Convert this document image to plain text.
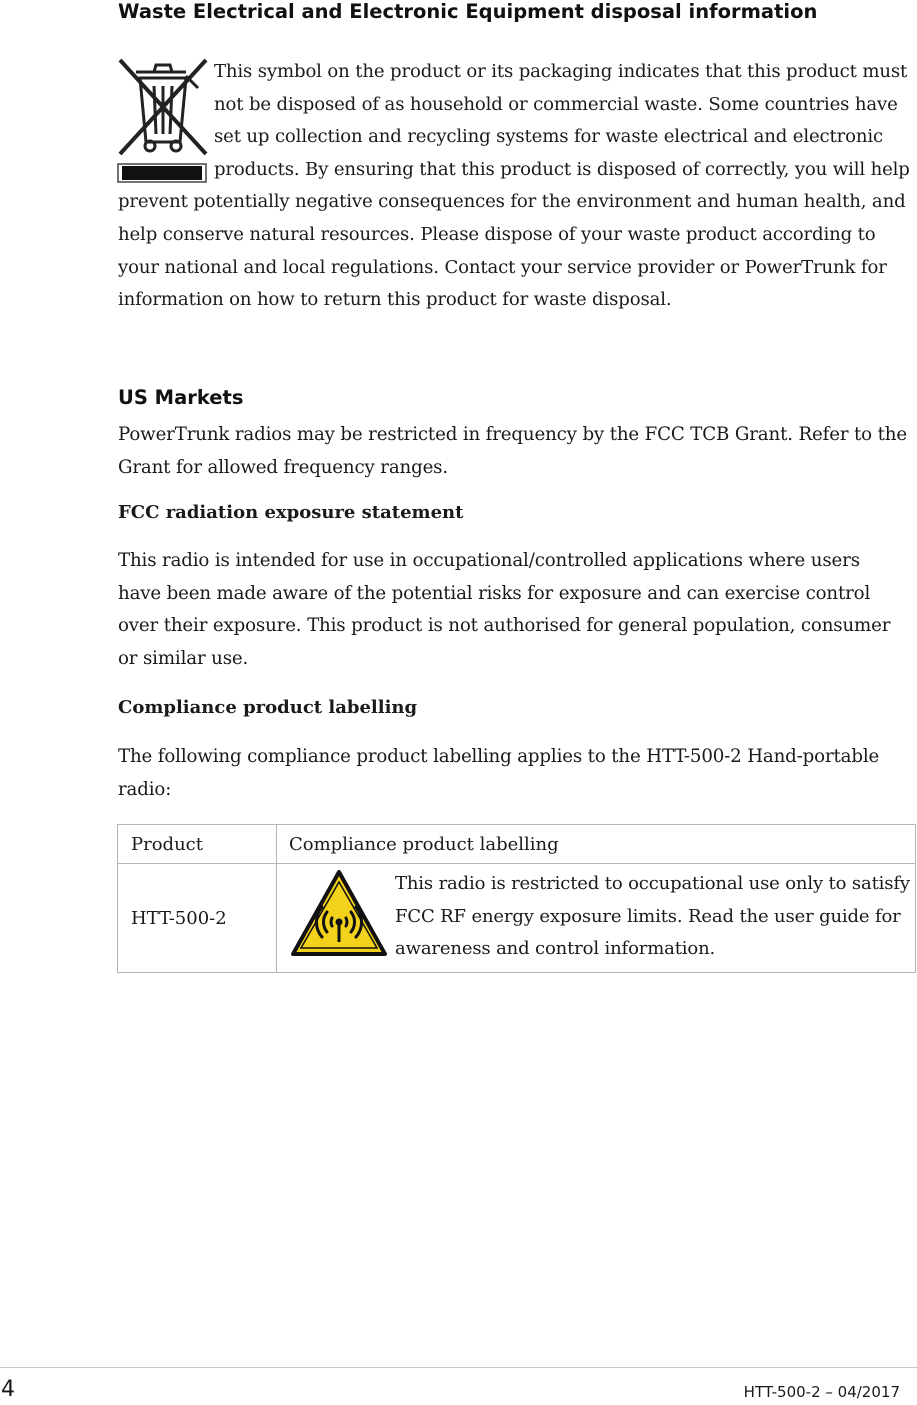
Waste Electrical and Electronic Equipment disposal information

This symbol on the product or its packaging indicates that this product must not be disposed of as household or commercial waste. Some countries have set up collection and recycling systems for waste electrical and electronic products. By ensuring that this product is disposed of correctly, you will help prevent potentially negative consequences for the environment and human health, and help conserve natural resources. Please dispose of your waste product according to your national and local regulations. Contact your service provider or PowerTrunk for information on how to return this product for waste disposal.

US Markets

PowerTrunk radios may be restricted in frequency by the FCC TCB Grant. Refer to the Grant for allowed frequency ranges.

FCC radiation exposure statement

This radio is intended for use in occupational/controlled applications where users have been made aware of the potential risks for exposure and can exercise control over their exposure. This product is not authorised for general population, consumer or similar use.

Compliance product labelling

The following compliance product labelling applies to the HTT-500-2 Hand-portable radio:

Product	Compliance product labelling
HTT-500-2	This radio is restricted to occupational use only to satisfy FCC RF energy exposure limits. Read the user guide for awareness and control information.
4	HTT-500-2 – 04/2017
